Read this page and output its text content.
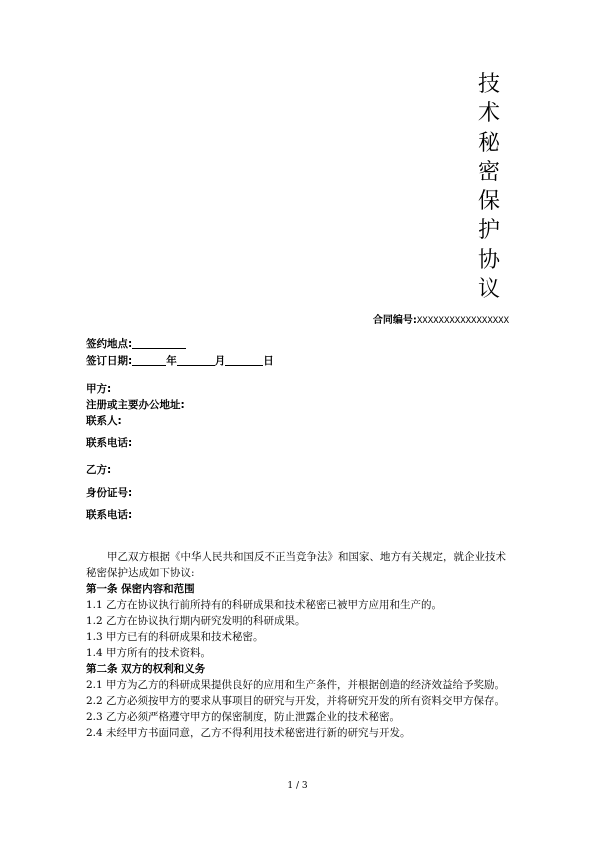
技
术
秘
密
保
护
协
议
合同编号:XXXXXXXXXXXXXXXXX
签约地点:
签订日期:	年	月	日
甲方:
注册或主要办公地址:
联系人:
联系电话:
乙方:
身份证号:
联系电话:

甲乙双方根据《中华人民共和国反不正当竞争法》和国家、地方有关规定，就企业技术秘密保护达成如下协议:

第一条 保密内容和范围

1.1 乙方在协议执行前所持有的科研成果和技术秘密已被甲方应用和生产的。

1.2 乙方在协议执行期内研究发明的科研成果。

1.3 甲方已有的科研成果和技术秘密。

1.4 甲方所有的技术资料。

第二条 双方的权利和义务

2.1 甲方为乙方的科研成果提供良好的应用和生产条件，并根据创造的经济效益给予奖励。

2.2 乙方必须按甲方的要求从事项目的研究与开发，并将研究开发的所有资料交甲方保存。

2.3 乙方必须严格遵守甲方的保密制度，防止泄露企业的技术秘密。

2.4 未经甲方书面同意，乙方不得利用技术秘密进行新的研究与开发。

1 / 3
